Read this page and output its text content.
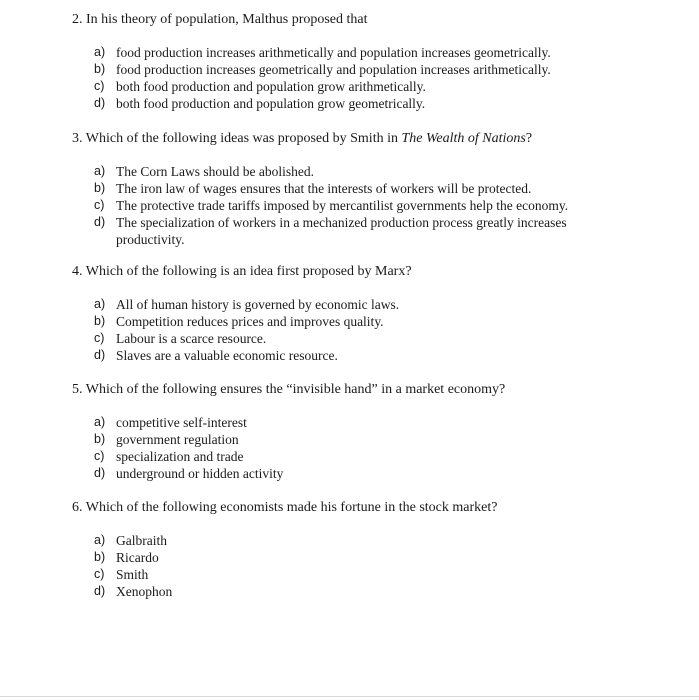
2. In his theory of population, Malthus proposed that

a) food production increases arithmetically and population increases geometrically.
b) food production increases geometrically and population increases arithmetically.
c) both food production and population grow arithmetically.
d) both food production and population grow geometrically.

3. Which of the following ideas was proposed by Smith in The Wealth of Nations?

a) The Corn Laws should be abolished.
b) The iron law of wages ensures that the interests of workers will be protected.
c) The protective trade tariffs imposed by mercantilist governments help the economy.
d) The specialization of workers in a mechanized production process greatly increases productivity.

4. Which of the following is an idea first proposed by Marx?

a) All of human history is governed by economic laws.
b) Competition reduces prices and improves quality.
c) Labour is a scarce resource.
d) Slaves are a valuable economic resource.

5. Which of the following ensures the “invisible hand” in a market economy?

a) competitive self-interest
b) government regulation
c) specialization and trade
d) underground or hidden activity

6. Which of the following economists made his fortune in the stock market?

a) Galbraith
b) Ricardo
c) Smith
d) Xenophon
